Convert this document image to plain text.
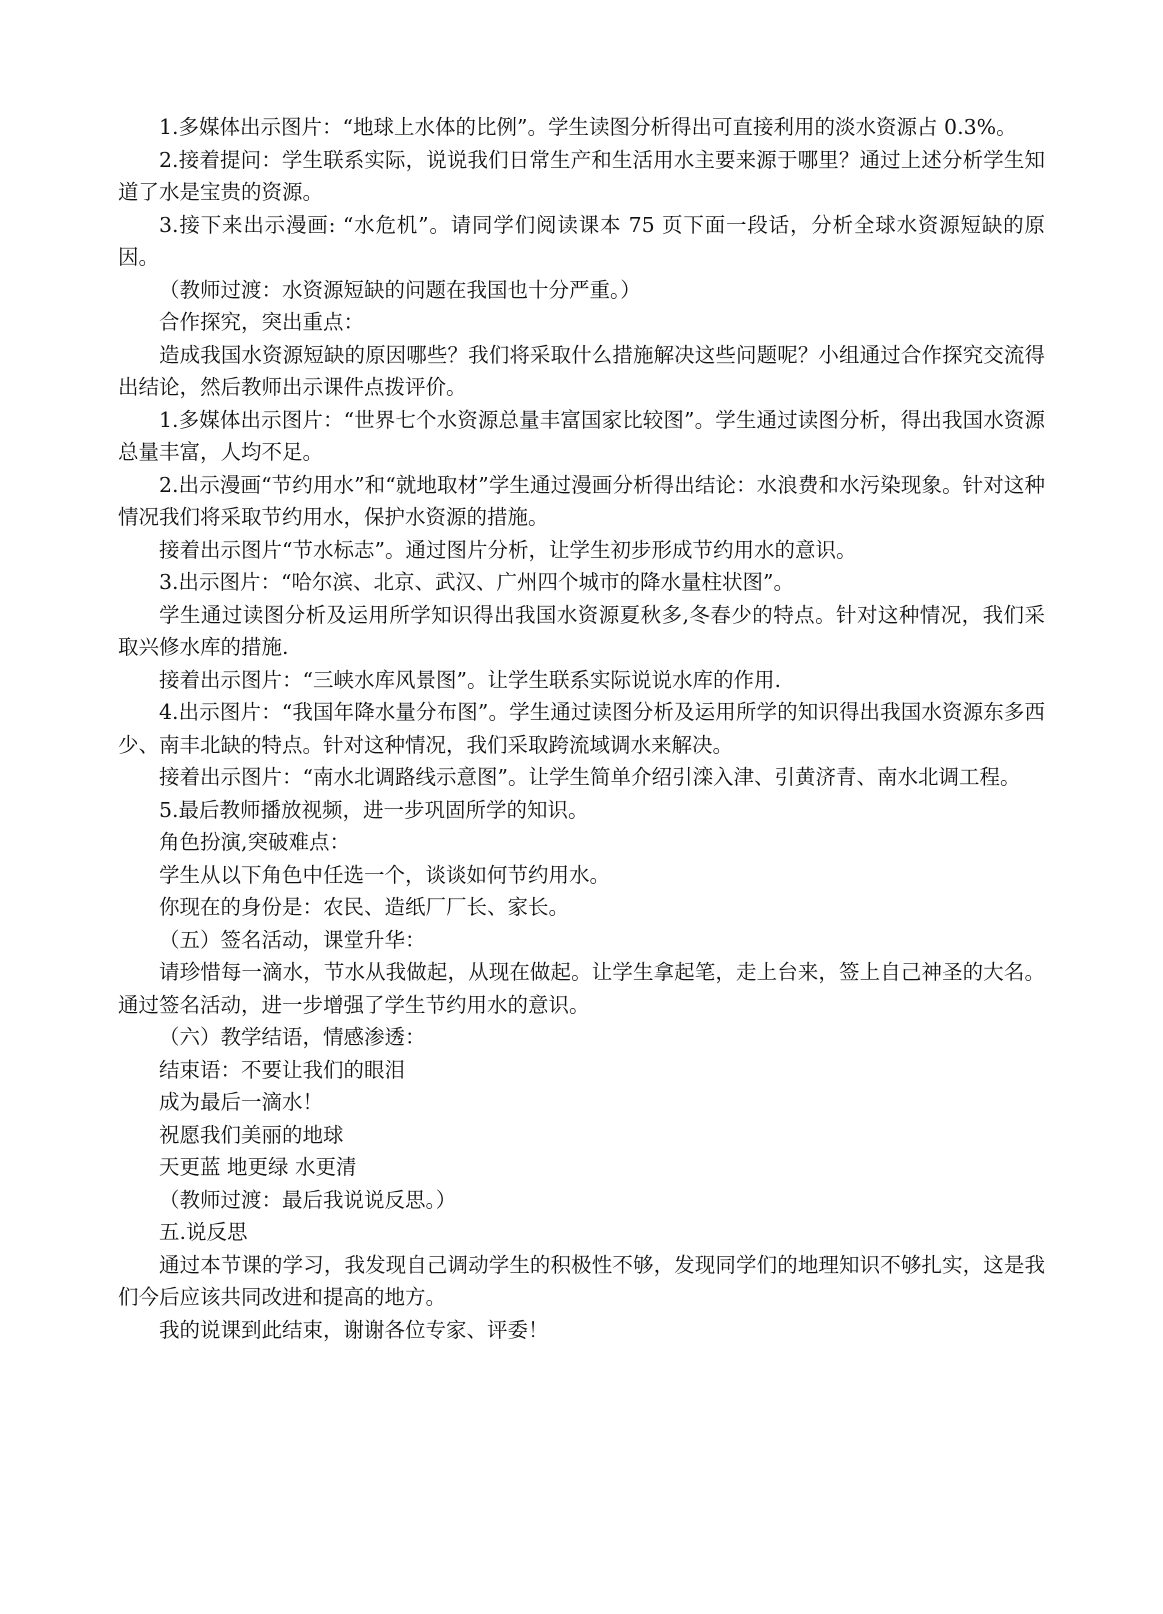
1.多媒体出示图片：“地球上水体的比例”。学生读图分析得出可直接利用的淡水资源占 0.3%。

2.接着提问：学生联系实际，说说我们日常生产和生活用水主要来源于哪里？通过上述分析学生知道了水是宝贵的资源。

3.接下来出示漫画: “水危机”。请同学们阅读课本 75 页下面一段话，分析全球水资源短缺的原因。

（教师过渡：水资源短缺的问题在我国也十分严重。）

合作探究，突出重点：

造成我国水资源短缺的原因哪些？我们将采取什么措施解决这些问题呢？小组通过合作探究交流得出结论，然后教师出示课件点拨评价。

1.多媒体出示图片：“世界七个水资源总量丰富国家比较图”。学生通过读图分析，得出我国水资源总量丰富，人均不足。

2.出示漫画“节约用水”和“就地取材”学生通过漫画分析得出结论：水浪费和水污染现象。针对这种情况我们将采取节约用水，保护水资源的措施。

接着出示图片“节水标志”。通过图片分析，让学生初步形成节约用水的意识。

3.出示图片：“哈尔滨、北京、武汉、广州四个城市的降水量柱状图”。

学生通过读图分析及运用所学知识得出我国水资源夏秋多,冬春少的特点。针对这种情况，我们采取兴修水库的措施.

接着出示图片：“三峡水库风景图”。让学生联系实际说说水库的作用.

4.出示图片：“我国年降水量分布图”。学生通过读图分析及运用所学的知识得出我国水资源东多西少、南丰北缺的特点。针对这种情况，我们采取跨流域调水来解决。

接着出示图片：“南水北调路线示意图”。让学生简单介绍引滦入津、引黄济青、南水北调工程。

5.最后教师播放视频，进一步巩固所学的知识。

角色扮演,突破难点：

学生从以下角色中任选一个，谈谈如何节约用水。

你现在的身份是：农民、造纸厂厂长、家长。

（五）签名活动，课堂升华：

请珍惜每一滴水，节水从我做起，从现在做起。让学生拿起笔，走上台来，签上自己神圣的大名。通过签名活动，进一步增强了学生节约用水的意识。

（六）教学结语，情感渗透：

结束语：不要让我们的眼泪

成为最后一滴水！

祝愿我们美丽的地球

天更蓝 地更绿 水更清

（教师过渡：最后我说说反思。）

五.说反思

通过本节课的学习，我发现自己调动学生的积极性不够，发现同学们的地理知识不够扎实，这是我们今后应该共同改进和提高的地方。

我的说课到此结束，谢谢各位专家、评委！
